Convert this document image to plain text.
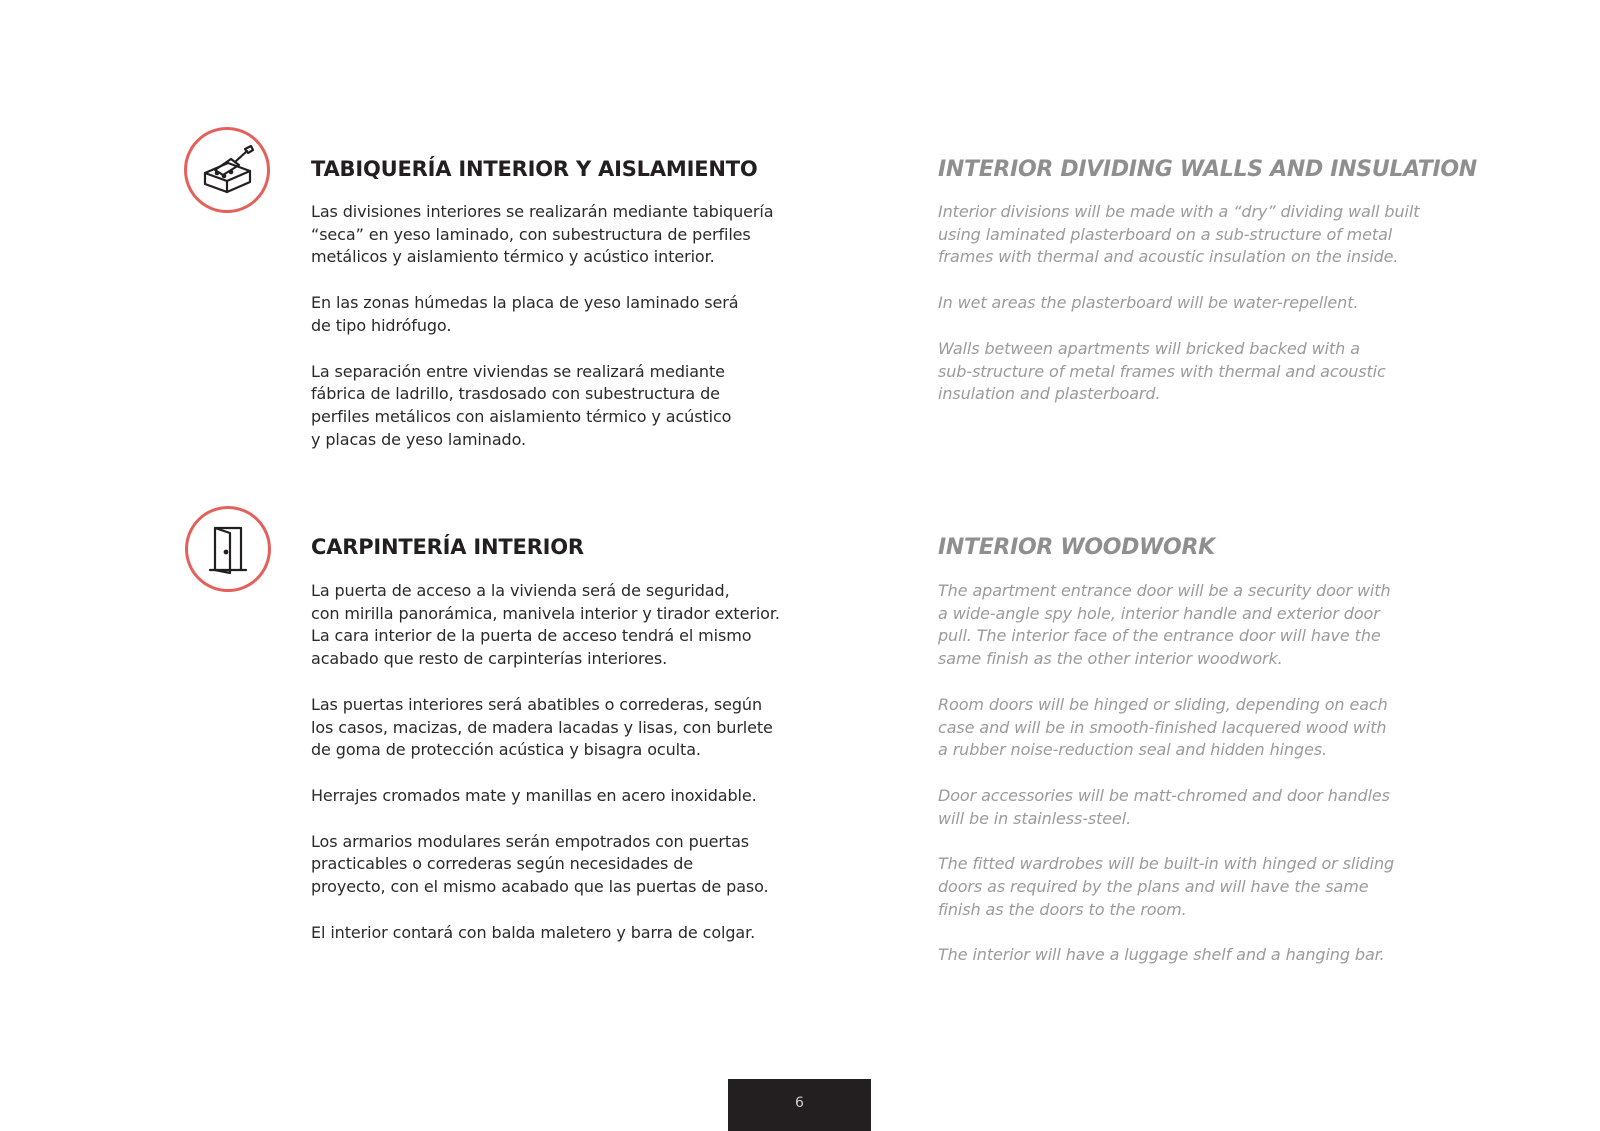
TABIQUERÍA INTERIOR Y AISLAMIENTO	INTERIOR DIVIDING WALLS AND INSULATION

Las divisiones interiores se realizarán mediante tabiquería
“seca” en yeso laminado, con subestructura de perfiles
metálicos y aislamiento térmico y acústico interior.

En las zonas húmedas la placa de yeso laminado será
de tipo hidrófugo.

La separación entre viviendas se realizará mediante
fábrica de ladrillo, trasdosado con subestructura de
perfiles metálicos con aislamiento térmico y acústico
y placas de yeso laminado.

Interior divisions will be made with a “dry” dividing wall built
using laminated plasterboard on a sub-structure of metal
frames with thermal and acoustic insulation on the inside.

In wet areas the plasterboard will be water-repellent.

Walls between apartments will bricked backed with a
sub-structure of metal frames with thermal and acoustic
insulation and plasterboard.

CARPINTERÍA INTERIOR	INTERIOR WOODWORK

La puerta de acceso a la vivienda será de seguridad,
con mirilla panorámica, manivela interior y tirador exterior.
La cara interior de la puerta de acceso tendrá el mismo
acabado que resto de carpinterías interiores.

Las puertas interiores será abatibles o correderas, según
los casos, macizas, de madera lacadas y lisas, con burlete
de goma de protección acústica y bisagra oculta.

Herrajes cromados mate y manillas en acero inoxidable.

Los armarios modulares serán empotrados con puertas
practicables o correderas según necesidades de
proyecto, con el mismo acabado que las puertas de paso.

El interior contará con balda maletero y barra de colgar.

The apartment entrance door will be a security door with
a wide-angle spy hole, interior handle and exterior door
pull. The interior face of the entrance door will have the
same finish as the other interior woodwork.

Room doors will be hinged or sliding, depending on each
case and will be in smooth-finished lacquered wood with
a rubber noise-reduction seal and hidden hinges.

Door accessories will be matt-chromed and door handles
will be in stainless-steel.

The fitted wardrobes will be built-in with hinged or sliding
doors as required by the plans and will have the same
finish as the doors to the room.

The interior will have a luggage shelf and a hanging bar.

6
